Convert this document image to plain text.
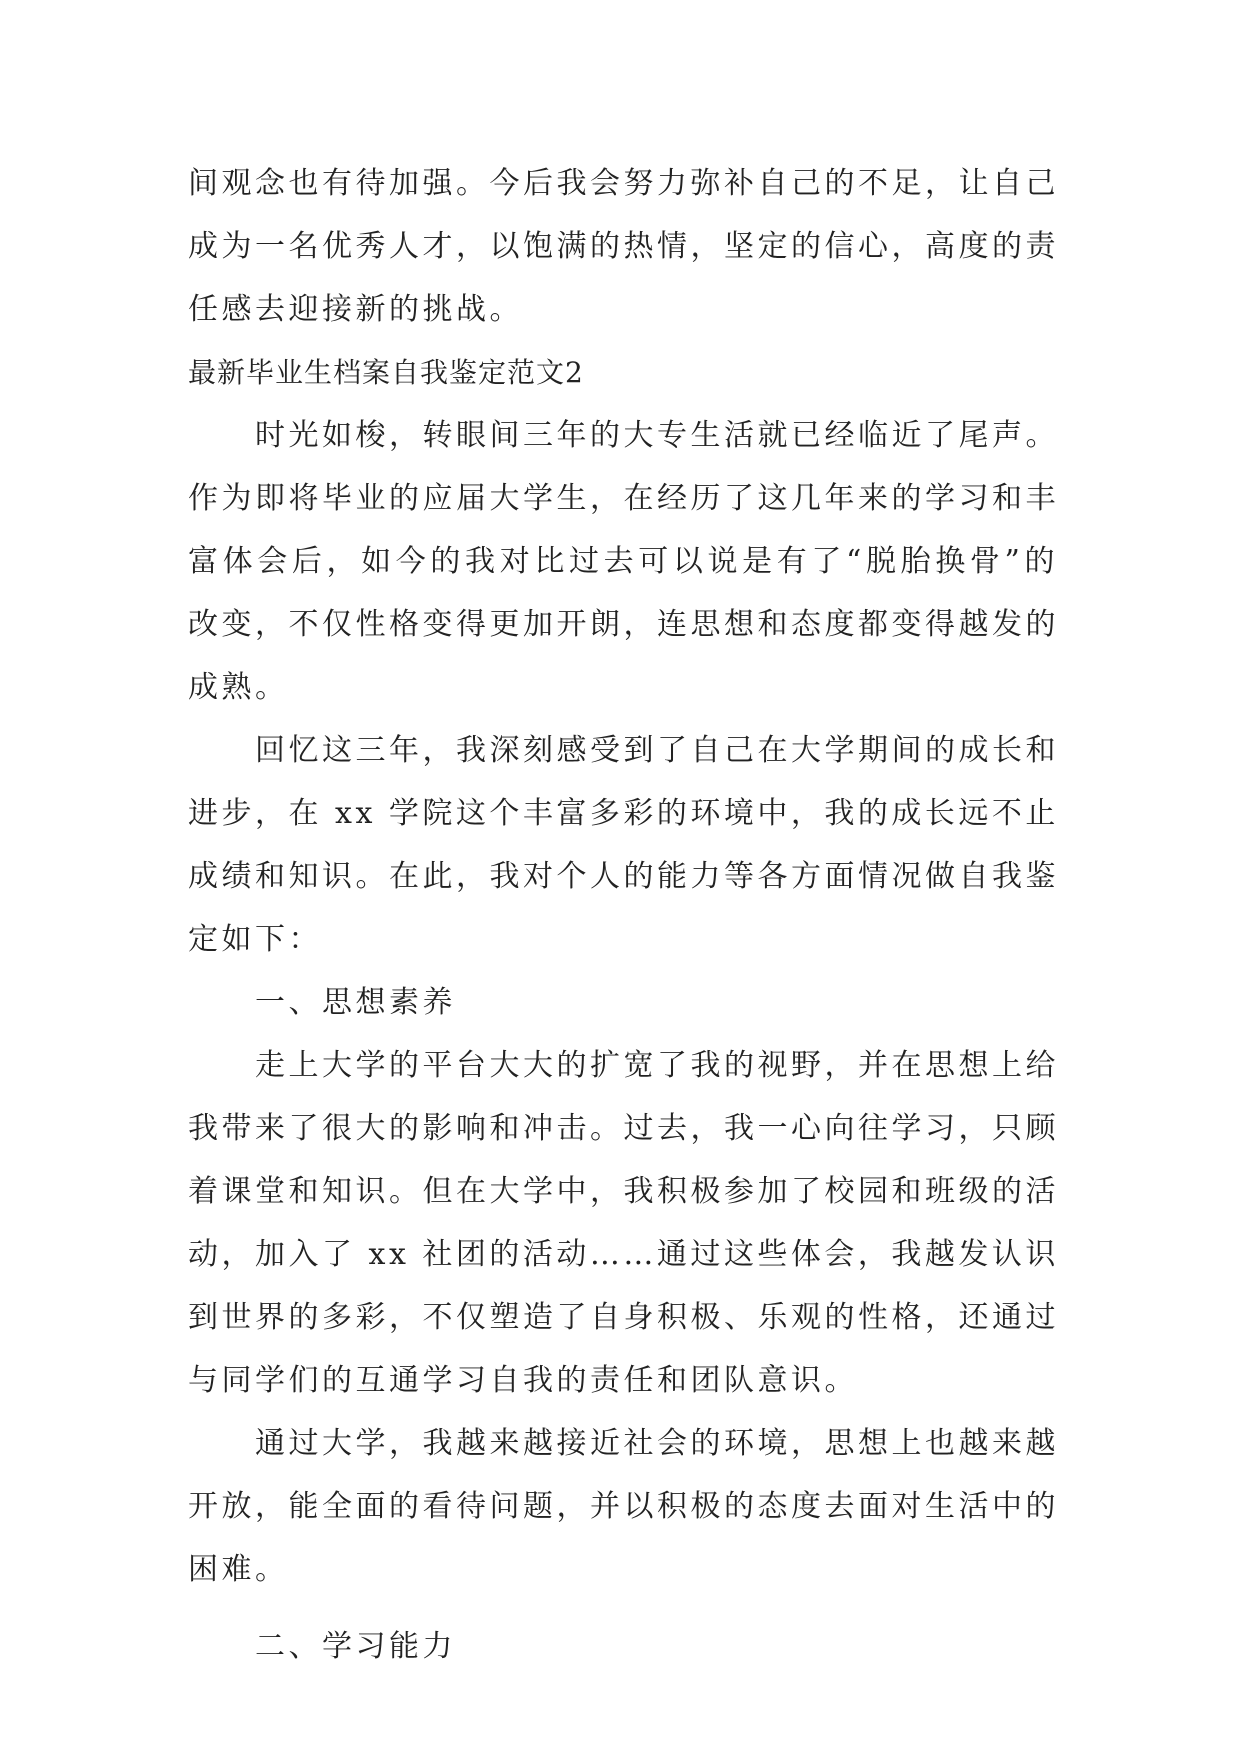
间观念也有待加强。今后我会努力弥补自己的不足，让自己
成为一名优秀人才，以饱满的热情，坚定的信心，高度的责
任感去迎接新的挑战。
最新毕业生档案自我鉴定范文2
时光如梭，转眼间三年的大专生活就已经临近了尾声。
作为即将毕业的应届大学生，在经历了这几年来的学习和丰
富体会后，如今的我对比过去可以说是有了“脱胎换骨”的
改变，不仅性格变得更加开朗，连思想和态度都变得越发的
成熟。
回忆这三年，我深刻感受到了自己在大学期间的成长和
进步，在 xx 学院这个丰富多彩的环境中，我的成长远不止
成绩和知识。在此，我对个人的能力等各方面情况做自我鉴
定如下：
一、思想素养
走上大学的平台大大的扩宽了我的视野，并在思想上给
我带来了很大的影响和冲击。过去，我一心向往学习，只顾
着课堂和知识。但在大学中，我积极参加了校园和班级的活
动，加入了 xx 社团的活动……通过这些体会，我越发认识
到世界的多彩，不仅塑造了自身积极、乐观的性格，还通过
与同学们的互通学习自我的责任和团队意识。
通过大学，我越来越接近社会的环境，思想上也越来越
开放，能全面的看待问题，并以积极的态度去面对生活中的
困难。
二、学习能力
